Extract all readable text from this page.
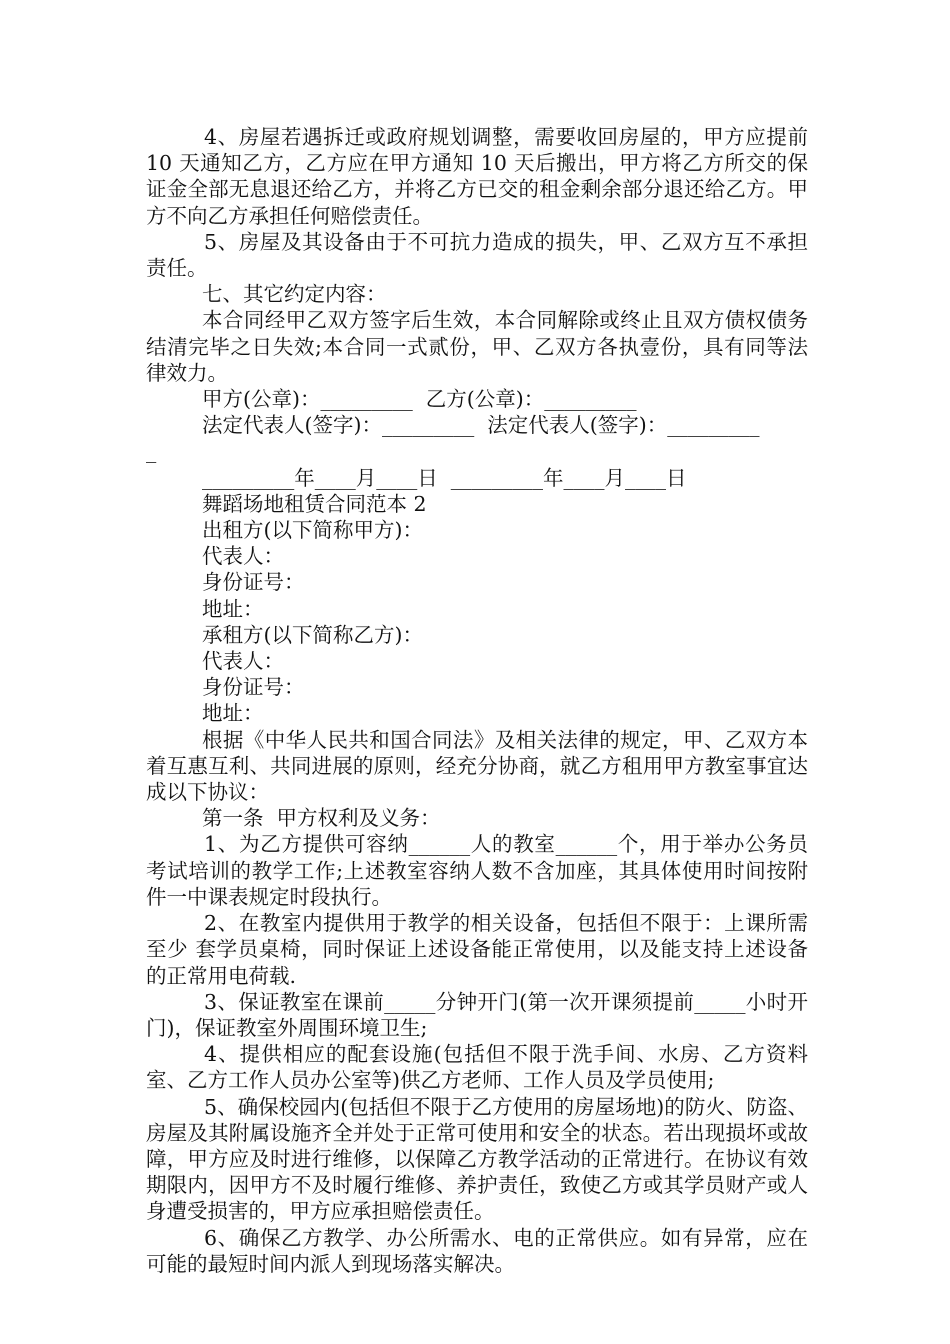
4、房屋若遇拆迁或政府规划调整，需要收回房屋的，甲方应提前 10 天通知乙方，乙方应在甲方通知 10 天后搬出，甲方将乙方所交的保证金全部无息退还给乙方，并将乙方已交的租金剩余部分退还给乙方。甲方不向乙方承担任何赔偿责任。

5、房屋及其设备由于不可抗力造成的损失，甲、乙双方互不承担责任。

七、其它约定内容：

本合同经甲乙双方签字后生效，本合同解除或终止且双方债权债务结清完毕之日失效;本合同一式贰份，甲、乙双方各执壹份，具有同等法律效力。

甲方(公章)：_________  乙方(公章)：_________

法定代表人(签字)：_________  法定代表人(签字)：_________

_

_________年____月____日  _________年____月____日

舞蹈场地租赁合同范本 2

出租方(以下简称甲方)：

代表人：

身份证号：

地址：

承租方(以下简称乙方)：

代表人：

身份证号：

地址：

根据《中华人民共和国合同法》及相关法律的规定，甲、乙双方本着互惠互利、共同进展的原则，经充分协商，就乙方租用甲方教室事宜达成以下协议：

第一条  甲方权利及义务：

1、为乙方提供可容纳______人的教室______个，用于举办公务员考试培训的教学工作;上述教室容纳人数不含加座，其具体使用时间按附件一中课表规定时段执行。

2、在教室内提供用于教学的相关设备，包括但不限于：上课所需至少 套学员桌椅，同时保证上述设备能正常使用，以及能支持上述设备的正常用电荷载.

3、保证教室在课前_____分钟开门(第一次开课须提前_____小时开门)，保证教室外周围环境卫生;

4、提供相应的配套设施(包括但不限于洗手间、水房、乙方资料室、乙方工作人员办公室等)供乙方老师、工作人员及学员使用;

5、确保校园内(包括但不限于乙方使用的房屋场地)的防火、防盗、房屋及其附属设施齐全并处于正常可使用和安全的状态。若出现损坏或故障，甲方应及时进行维修，以保障乙方教学活动的正常进行。在协议有效期限内，因甲方不及时履行维修、养护责任，致使乙方或其学员财产或人身遭受损害的，甲方应承担赔偿责任。

6、确保乙方教学、办公所需水、电的正常供应。如有异常，应在可能的最短时间内派人到现场落实解决。
